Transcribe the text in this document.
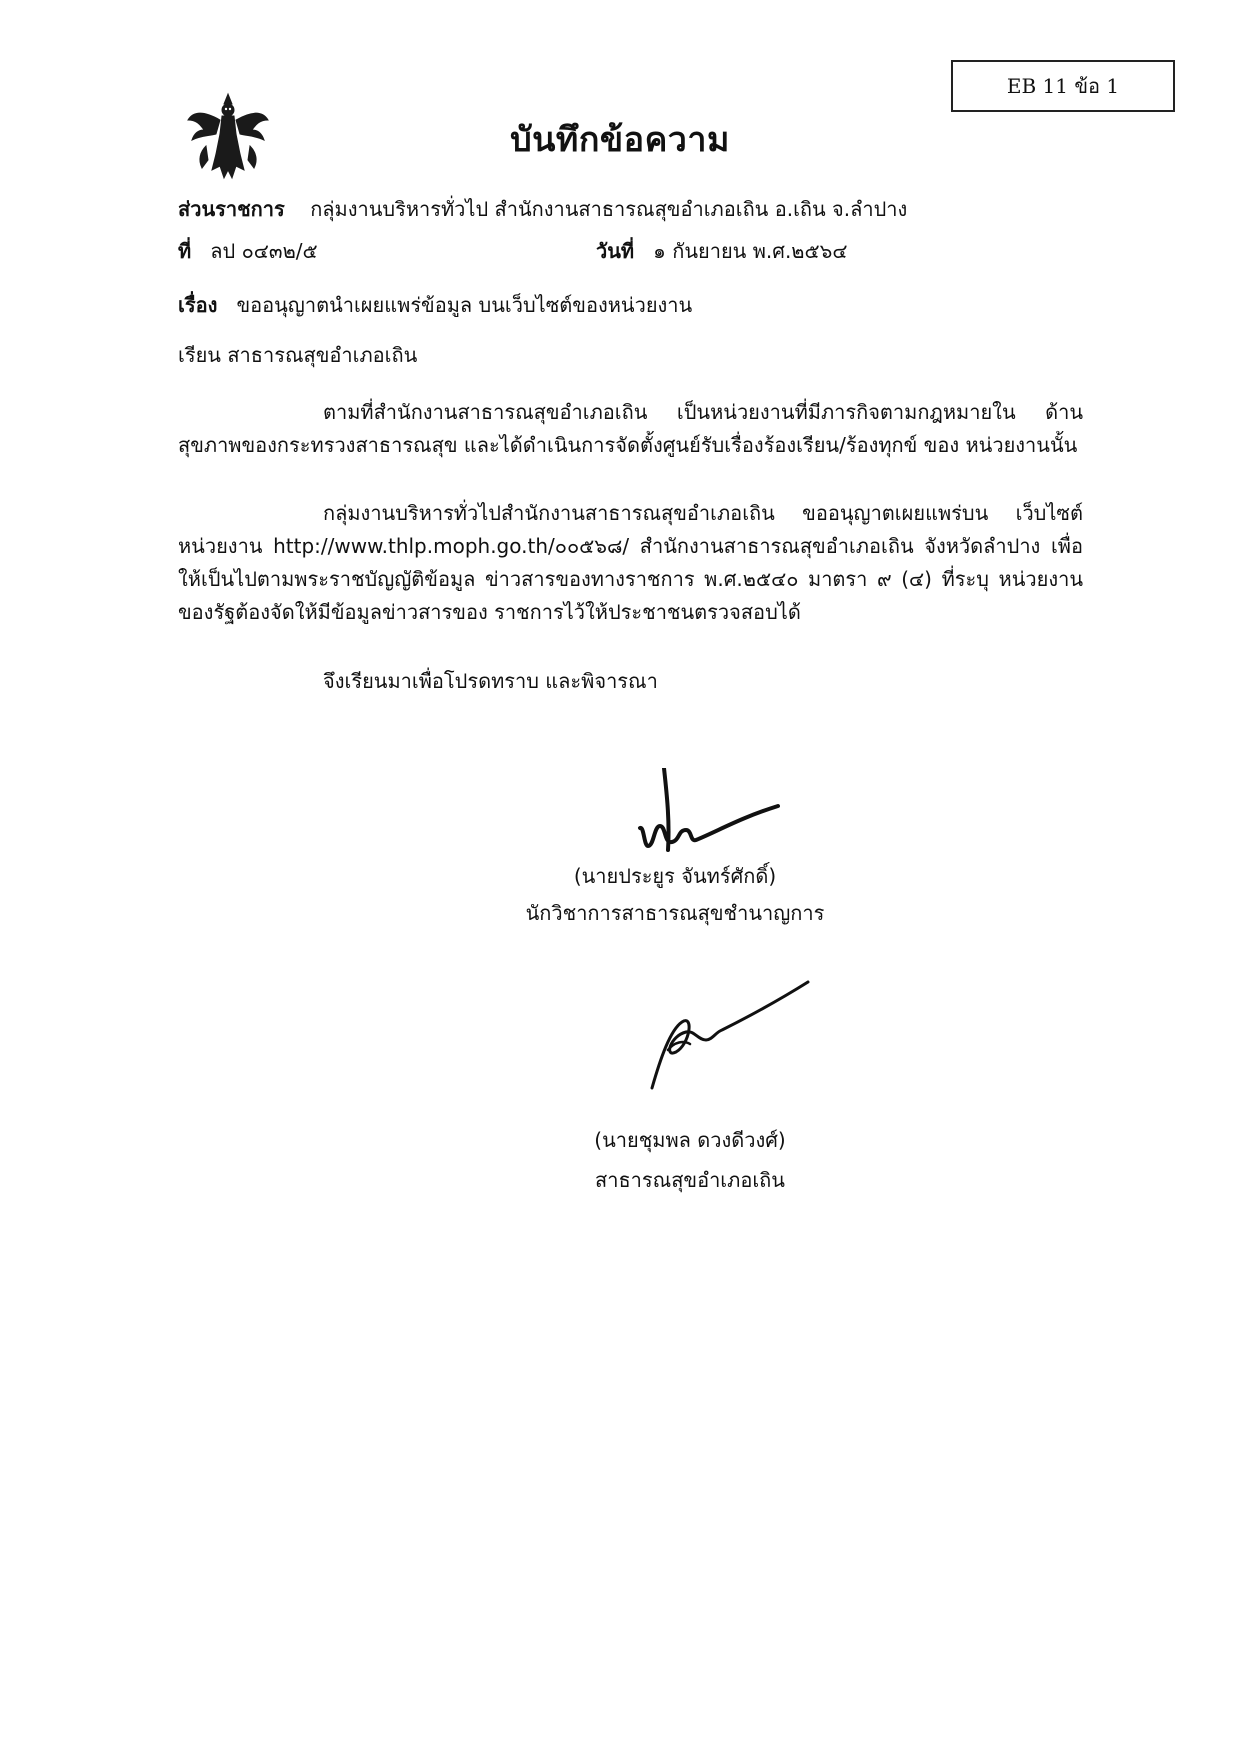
EB 11 ข้อ 1
บันทึกข้อความ
ส่วนราชการ กลุ่มงานบริหารทั่วไป สำนักงานสาธารณสุขอำเภอเถิน อ.เถิน จ.ลำปาง
ที่ ลป ๐๔๓๒/๕	วันที่ ๑ กันยายน พ.ศ.๒๕๖๔
เรื่อง ขออนุญาตนำเผยแพร่ข้อมูล บนเว็บไซต์ของหน่วยงาน
เรียน สาธารณสุขอำเภอเถิน
ตามที่สำนักงานสาธารณสุขอำเภอเถิน เป็นหน่วยงานที่มีภารกิจตามกฎหมายใน ด้านสุขภาพของกระทรวงสาธารณสุข และได้ดำเนินการจัดตั้งศูนย์รับเรื่องร้องเรียน/ร้องทุกข์ ของ หน่วยงานนั้น
กลุ่มงานบริหารทั่วไปสำนักงานสาธารณสุขอำเภอเถิน ขออนุญาตเผยแพร่บน เว็บไซต์หน่วยงาน http://www.thlp.moph.go.th/๐๐๕๖๘/ สำนักงานสาธารณสุขอำเภอเถิน จังหวัดลำปาง เพื่อให้เป็นไปตามพระราชบัญญัติข้อมูล ข่าวสารของทางราชการ พ.ศ.๒๕๔๐ มาตรา ๙ (๔) ที่ระบุ หน่วยงานของรัฐต้องจัดให้มีข้อมูลข่าวสารของ ราชการไว้ให้ประชาชนตรวจสอบได้
จึงเรียนมาเพื่อโปรดทราบ และพิจารณา
(นายประยูร จันทร์ศักดิ์)
นักวิชาการสาธารณสุขชำนาญการ
(นายชุมพล ดวงดีวงศ์)
สาธารณสุขอำเภอเถิน
